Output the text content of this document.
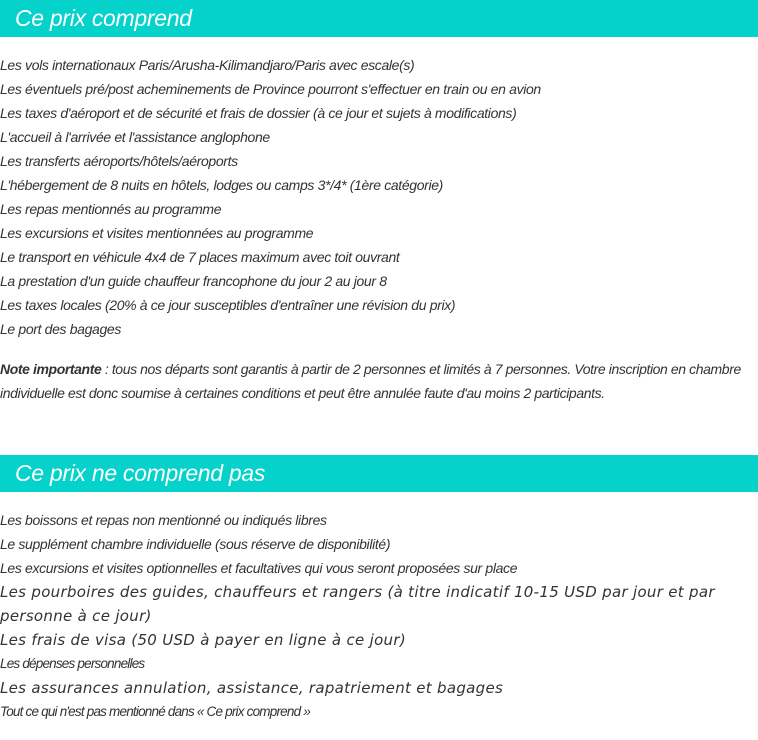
Ce prix comprend
Les vols internationaux Paris/Arusha-Kilimandjaro/Paris avec escale(s)
Les éventuels pré/post acheminements de Province pourront s'effectuer en train ou en avion
Les taxes d'aéroport et de sécurité et frais de dossier (à ce jour et sujets à modifications)
L'accueil à l'arrivée et l'assistance anglophone
Les transferts aéroports/hôtels/aéroports
L'hébergement de 8 nuits en hôtels, lodges ou camps 3*/4* (1ère catégorie)
Les repas mentionnés au programme
Les excursions et visites mentionnées au programme
Le transport en véhicule 4x4 de 7 places maximum avec toit ouvrant
La prestation d'un guide chauffeur francophone du jour 2 au jour 8
Les taxes locales (20% à ce jour susceptibles d'entraîner une révision du prix)
Le port des bagages

Note importante : tous nos départs sont garantis à partir de 2 personnes et limités à 7 personnes. Votre inscription en chambre individuelle est donc soumise à certaines conditions et peut être annulée faute d'au moins 2 participants.

Ce prix ne comprend pas
Les boissons et repas non mentionné ou indiqués libres
Le supplément chambre individuelle (sous réserve de disponibilité)
Les excursions et visites optionnelles et facultatives qui vous seront proposées sur place
Les pourboires des guides, chauffeurs et rangers (à titre indicatif 10-15 USD par jour et par personne à ce jour)
Les frais de visa (50 USD à payer en ligne à ce jour)
Les dépenses personnelles
Les assurances annulation, assistance, rapatriement et bagages
Tout ce qui n'est pas mentionné dans « Ce prix comprend »
